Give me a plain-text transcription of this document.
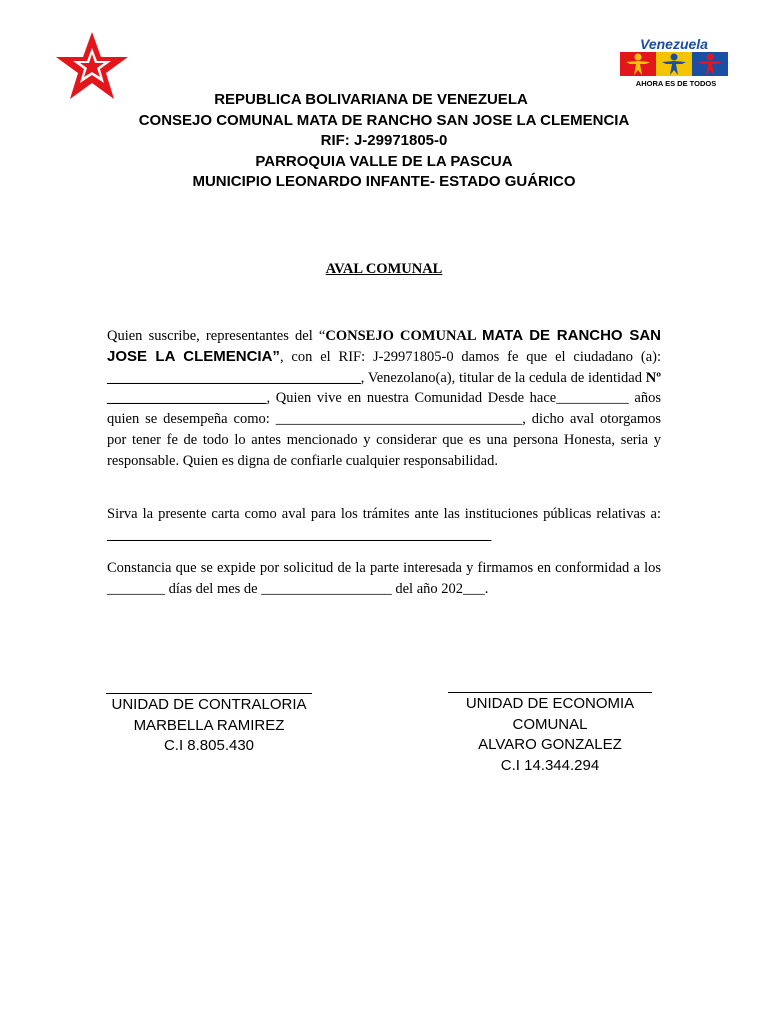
Venezuela
AHORA ES DE TODOS
REPUBLICA BOLIVARIANA DE VENEZUELA
CONSEJO COMUNAL MATA DE RANCHO SAN JOSE LA CLEMENCIA
RIF: J-29971805-0
PARROQUIA VALLE DE LA PASCUA
MUNICIPIO LEONARDO INFANTE- ESTADO GUÁRICO
AVAL COMUNAL
Quien suscribe, representantes del “CONSEJO COMUNAL MATA DE RANCHO SAN JOSE LA CLEMENCIA”, con el RIF: J-29971805-0 damos fe que el ciudadano (a): ___________________________________, Venezolano(a), titular de la cedula de identidad Nº ______________________, Quien vive en nuestra Comunidad Desde hace__________ años quien se desempeña como: __________________________________, dicho aval otorgamos por tener fe de todo lo antes mencionado y considerar que es una persona Honesta, seria y responsable. Quien es digna de confiarle cualquier responsabilidad.
Sirva la presente carta como aval para los trámites ante las instituciones públicas relativas a: _____________________________________________________
Constancia que se expide por solicitud de la parte interesada y firmamos en conformidad a los ________ días del mes de __________________ del año 202___.
UNIDAD DE CONTRALORIA
MARBELLA RAMIREZ
C.I 8.805.430
UNIDAD DE ECONOMIA
COMUNAL
ALVARO GONZALEZ
C.I 14.344.294
